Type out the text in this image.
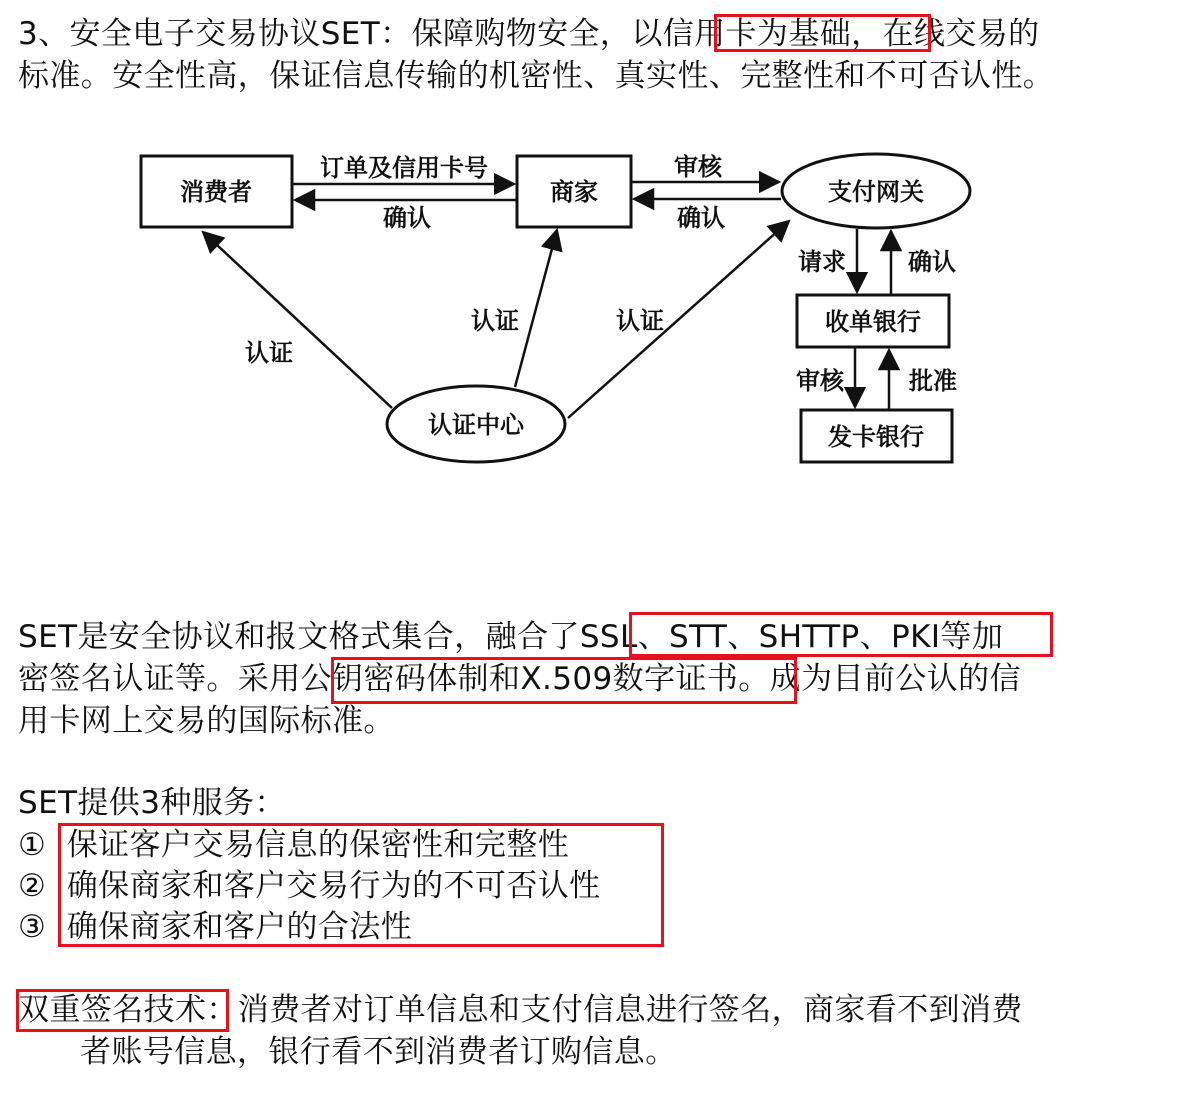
3、安全电子交易协议SET：保障购物安全，以信用卡为基础，在线交易的
标准。安全性高，保证信息传输的机密性、真实性、完整性和不可否认性。
消费者	商家	支付网关
收单银行
发卡银行
认证中心
订单及信用卡号
确认
审核
确认
请求	确认
审核	批准
认证
认证	认证
SET是安全协议和报文格式集合，融合了SSL、STT、SHTTP、PKI等加
密签名认证等。采用公钥密码体制和X.509数字证书。成为目前公认的信
用卡网上交易的国际标准。
SET提供3种服务：
① 保证客户交易信息的保密性和完整性
② 确保商家和客户交易行为的不可否认性
③ 确保商家和客户的合法性
双重签名技术：消费者对订单信息和支付信息进行签名，商家看不到消费
者账号信息，银行看不到消费者订购信息。
